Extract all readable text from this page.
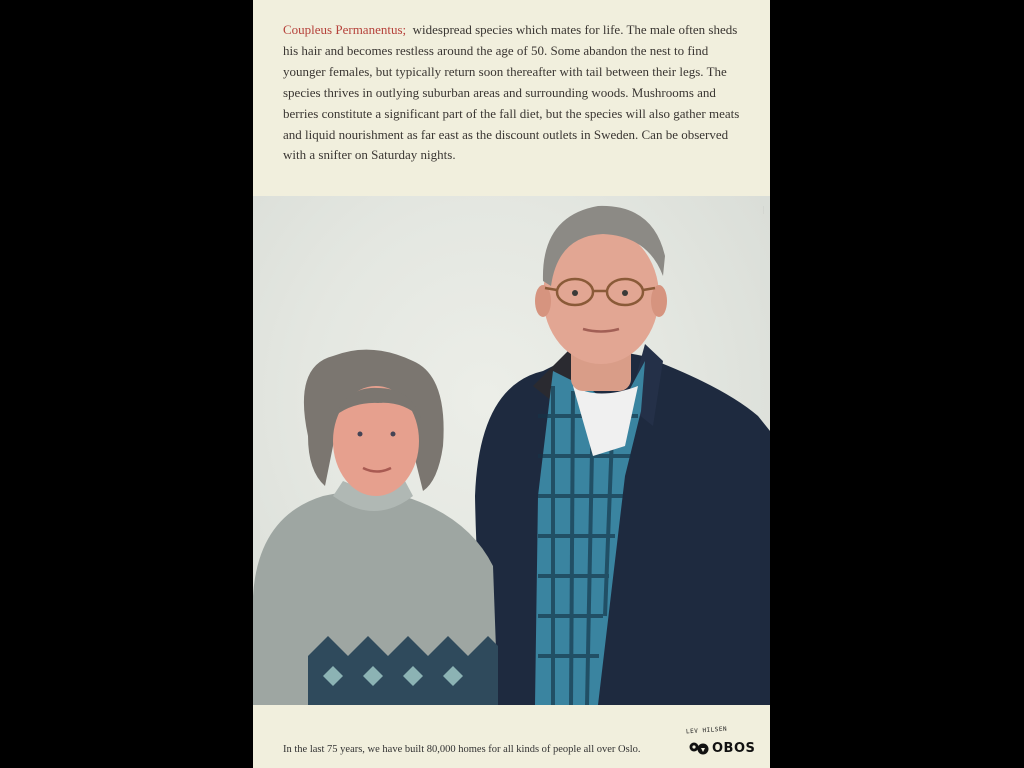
Coupleus Permanentus; widespread species which mates for life. The male often sheds his hair and becomes restless around the age of 50. Some abandon the nest to find younger females, but typically return soon thereafter with tail between their legs. The species thrives in outlying suburban areas and surrounding woods. Mushrooms and berries constitute a significant part of the fall diet, but the species will also gather meats and liquid nourishment as far east as the discount outlets in Sweden. Can be observed with a snifter on Saturday nights.

········

In the last 75 years, we have built 80,000 homes for all kinds of people all over Oslo.

LEV HILSEN
OBOS
